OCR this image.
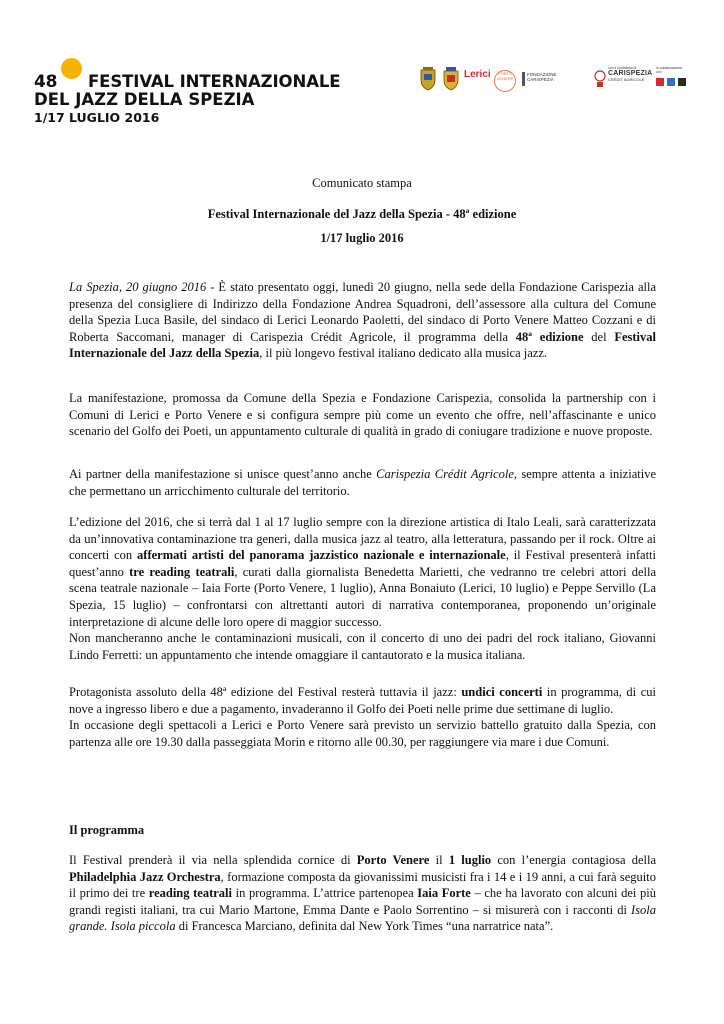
48 FESTIVAL INTERNAZIONALE
DEL JAZZ DELLA SPEZIA
1/17 LUGLIO 2016
Lerici	PORTO VENERE
FONDAZIONE CARISPEZIA
con il contributo di
CARISPEZIA
CRÉDIT AGRICOLE
in collaborazione con
Comunicato stampa
Festival Internazionale del Jazz della Spezia - 48ª edizione
1/17 luglio 2016

La Spezia, 20 giugno 2016 - È stato presentato oggi, lunedì 20 giugno, nella sede della Fondazione Carispezia alla presenza del consigliere di Indirizzo della Fondazione Andrea Squadroni, dell’assessore alla cultura del Comune della Spezia Luca Basile, del sindaco di Lerici Leonardo Paoletti, del sindaco di Porto Venere Matteo Cozzani e di Roberta Saccomani, manager di Carispezia Crédit Agricole, il programma della 48ª edizione del Festival Internazionale del Jazz della Spezia, il più longevo festival italiano dedicato alla musica jazz.

La manifestazione, promossa da Comune della Spezia e Fondazione Carispezia, consolida la partnership con i Comuni di Lerici e Porto Venere e si configura sempre più come un evento che offre, nell’affascinante e unico scenario del Golfo dei Poeti, un appuntamento culturale di qualità in grado di coniugare tradizione e nuove proposte.

Ai partner della manifestazione si unisce quest’anno anche Carispezia Crédit Agricole, sempre attenta a iniziative che permettano un arricchimento culturale del territorio.

L’edizione del 2016, che si terrà dal 1 al 17 luglio sempre con la direzione artistica di Italo Leali, sarà caratterizzata da un’innovativa contaminazione tra generi, dalla musica jazz al teatro, alla letteratura, passando per il rock. Oltre ai concerti con affermati artisti del panorama jazzistico nazionale e internazionale, il Festival presenterà infatti quest’anno tre reading teatrali, curati dalla giornalista Benedetta Marietti, che vedranno tre celebri attori della scena teatrale nazionale – Iaia Forte (Porto Venere, 1 luglio), Anna Bonaiuto (Lerici, 10 luglio) e Peppe Servillo (La Spezia, 15 luglio) – confrontarsi con altrettanti autori di narrativa contemporanea, proponendo un’originale interpretazione di alcune delle loro opere di maggior successo.

Non mancheranno anche le contaminazioni musicali, con il concerto di uno dei padri del rock italiano, Giovanni Lindo Ferretti: un appuntamento che intende omaggiare il cantautorato e la musica italiana.

Protagonista assoluto della 48ª edizione del Festival resterà tuttavia il jazz: undici concerti in programma, di cui nove a ingresso libero e due a pagamento, invaderanno il Golfo dei Poeti nelle prime due settimane di luglio.

In occasione degli spettacoli a Lerici e Porto Venere sarà previsto un servizio battello gratuito dalla Spezia, con partenza alle ore 19.30 dalla passeggiata Morin e ritorno alle 00.30, per raggiungere via mare i due Comuni.

Il programma

Il Festival prenderà il via nella splendida cornice di Porto Venere il 1 luglio con l’energia contagiosa della Philadelphia Jazz Orchestra, formazione composta da giovanissimi musicisti fra i 14 e i 19 anni, a cui farà seguito il primo dei tre reading teatrali in programma. L’attrice partenopea Iaia Forte – che ha lavorato con alcuni dei più grandi registi italiani, tra cui Mario Martone, Emma Dante e Paolo Sorrentino – si misurerà con i racconti di Isola grande. Isola piccola di Francesca Marciano, definita dal New York Times “una narratrice nata”.
